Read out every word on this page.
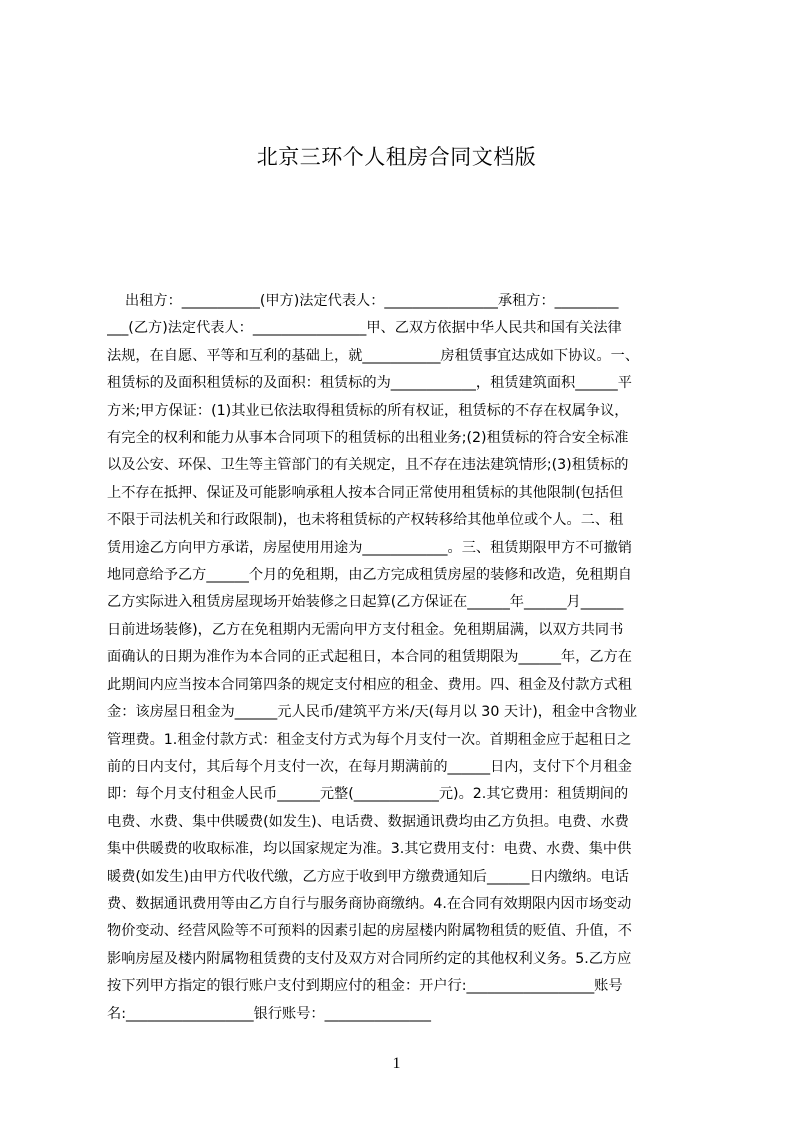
北京三环个人租房合同文档版
出租方：___________(甲方)法定代表人：________________承租方：_________
___(乙方)法定代表人：________________甲、乙双方依据中华人民共和国有关法律
法规，在自愿、平等和互利的基础上，就___________房租赁事宜达成如下协议。一、
租赁标的及面积租赁标的及面积：租赁标的为____________，租赁建筑面积______平
方米;甲方保证：(1)其业已依法取得租赁标的所有权证，租赁标的不存在权属争议，
有完全的权利和能力从事本合同项下的租赁标的出租业务;(2)租赁标的符合安全标准
以及公安、环保、卫生等主管部门的有关规定，且不存在违法建筑情形;(3)租赁标的
上不存在抵押、保证及可能影响承租人按本合同正常使用租赁标的其他限制(包括但
不限于司法机关和行政限制)，也未将租赁标的产权转移给其他单位或个人。二、租
赁用途乙方向甲方承诺，房屋使用用途为____________。三、租赁期限甲方不可撤销
地同意给予乙方______个月的免租期，由乙方完成租赁房屋的装修和改造，免租期自
乙方实际进入租赁房屋现场开始装修之日起算(乙方保证在______年______月______
日前进场装修)，乙方在免租期内无需向甲方支付租金。免租期届满，以双方共同书
面确认的日期为准作为本合同的正式起租日，本合同的租赁期限为______年，乙方在
此期间内应当按本合同第四条的规定支付相应的租金、费用。四、租金及付款方式租
金：该房屋日租金为______元人民币/建筑平方米/天(每月以 30 天计)，租金中含物业
管理费。1.租金付款方式：租金支付方式为每个月支付一次。首期租金应于起租日之
前的日内支付，其后每个月支付一次，在每月期满前的______日内，支付下个月租金
即：每个月支付租金人民币______元整(____________元)。2.其它费用：租赁期间的
电费、水费、集中供暖费(如发生)、电话费、数据通讯费均由乙方负担。电费、水费
集中供暖费的收取标准，均以国家规定为准。3.其它费用支付：电费、水费、集中供
暖费(如发生)由甲方代收代缴，乙方应于收到甲方缴费通知后______日内缴纳。电话
费、数据通讯费用等由乙方自行与服务商协商缴纳。4.在合同有效期限内因市场变动
物价变动、经营风险等不可预料的因素引起的房屋楼内附属物租赁的贬值、升值，不
影响房屋及楼内附属物租赁费的支付及双方对合同所约定的其他权利义务。5.乙方应
按下列甲方指定的银行账户支付到期应付的租金：开户行:__________________账号
名:__________________银行账号：_______________
1
